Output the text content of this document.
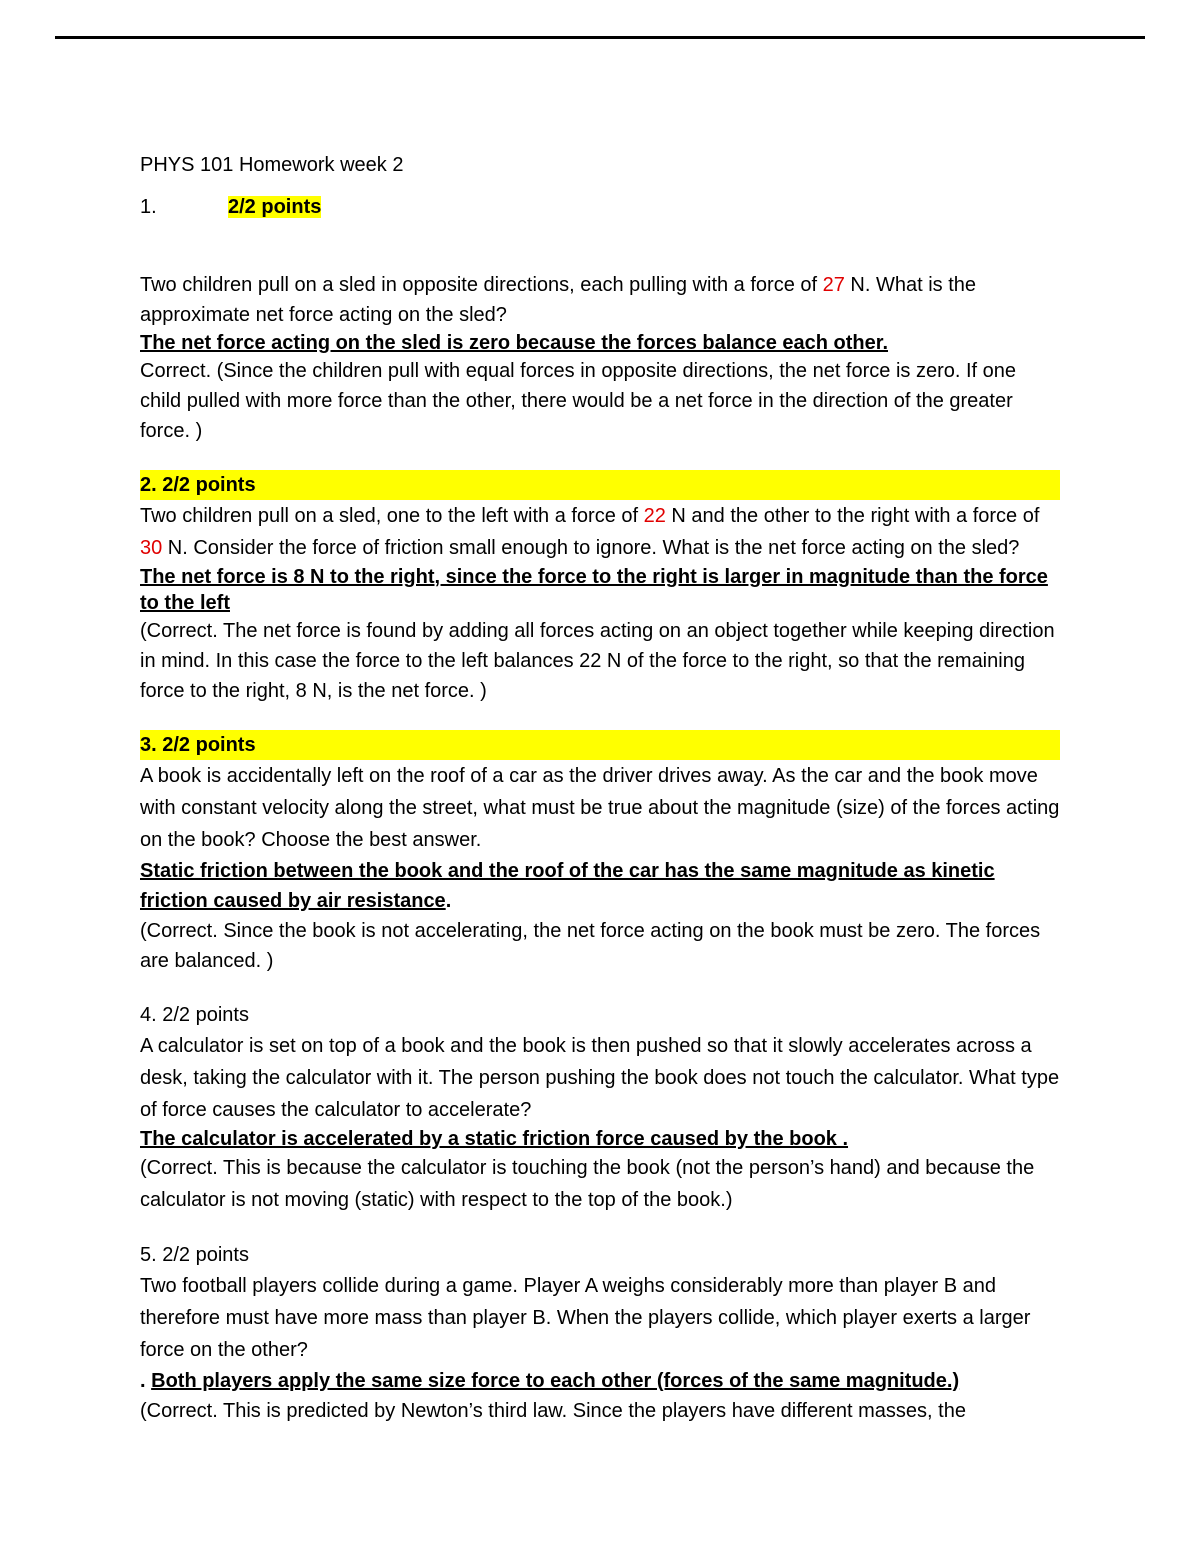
PHYS 101 Homework week 2

1.	2/2 points

Two children pull on a sled in opposite directions, each pulling with a force of 27 N. What is the approximate net force acting on the sled?

The net force acting on the sled is zero because the forces balance each other.

Correct. (Since the children pull with equal forces in opposite directions, the net force is zero. If one child pulled with more force than the other, there would be a net force in the direction of the greater force. )

2. 2/2 points

Two children pull on a sled, one to the left with a force of 22 N and the other to the right with a force of 30 N. Consider the force of friction small enough to ignore. What is the net force acting on the sled?

The net force is 8 N to the right, since the force to the right is larger in magnitude than the force to the left

(Correct. The net force is found by adding all forces acting on an object together while keeping direction in mind. In this case the force to the left balances 22 N of the force to the right, so that the remaining force to the right, 8 N, is the net force. )

3. 2/2 points

A book is accidentally left on the roof of a car as the driver drives away. As the car and the book move with constant velocity along the street, what must be true about the magnitude (size) of the forces acting on the book? Choose the best answer.

Static friction between the book and the roof of the car has the same magnitude as kinetic friction caused by air resistance.

(Correct. Since the book is not accelerating, the net force acting on the book must be zero. The forces are balanced. )

4. 2/2 points

A calculator is set on top of a book and the book is then pushed so that it slowly accelerates across a desk, taking the calculator with it. The person pushing the book does not touch the calculator. What type of force causes the calculator to accelerate?

The calculator is accelerated by a static friction force caused by the book .

(Correct. This is because the calculator is touching the book (not the person’s hand) and because the calculator is not moving (static) with respect to the top of the book.)

5. 2/2 points

Two football players collide during a game. Player A weighs considerably more than player B and therefore must have more mass than player B. When the players collide, which player exerts a larger force on the other?

. Both players apply the same size force to each other (forces of the same magnitude.)

(Correct. This is predicted by Newton’s third law. Since the players have different masses, the
